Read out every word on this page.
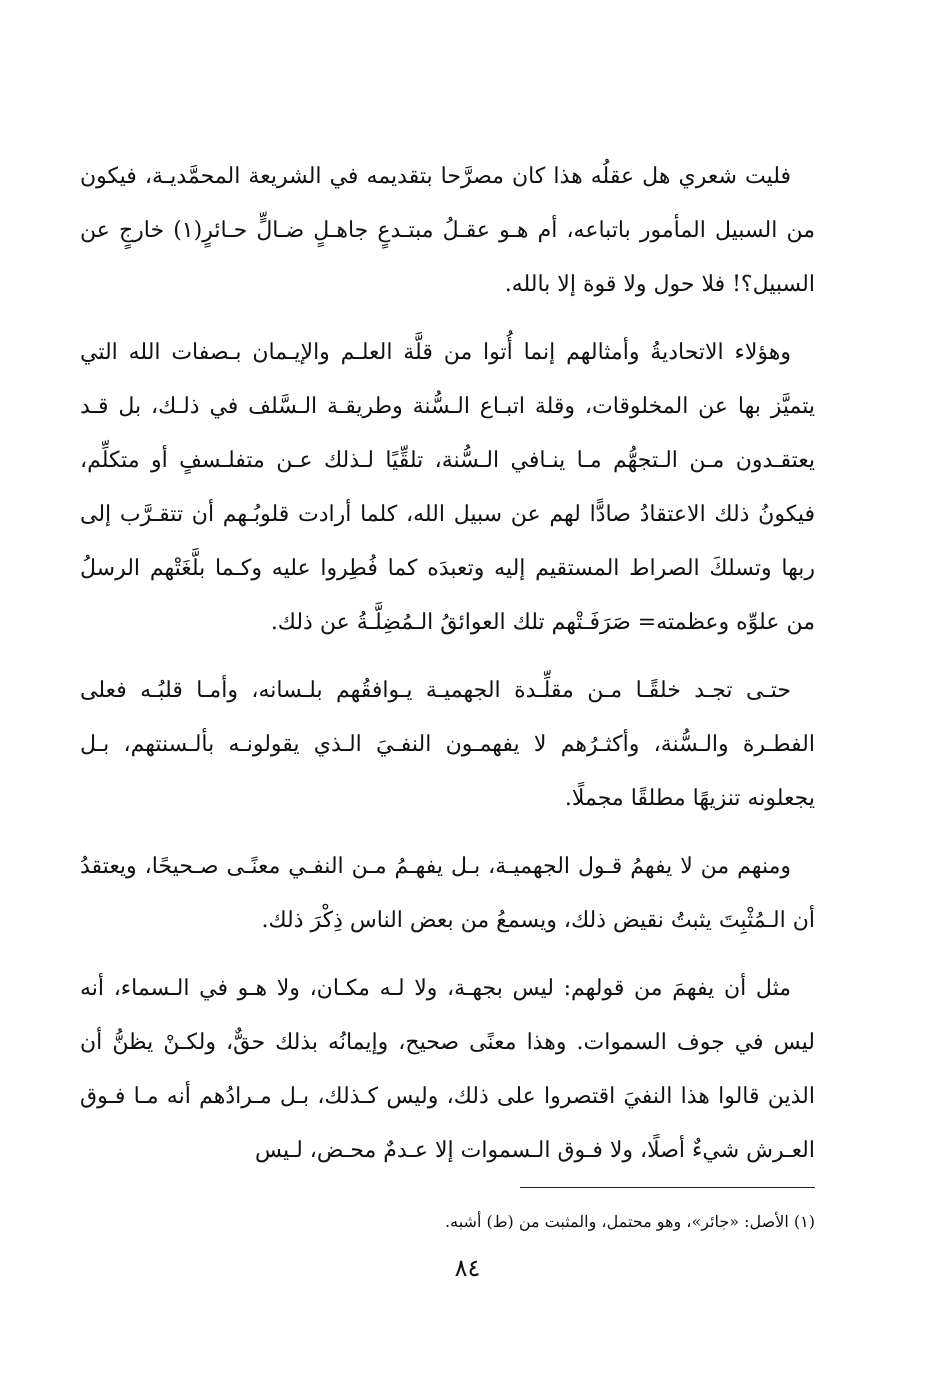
فليت شعري هل عقلُه هذا كان مصرَّحا بتقديمه في الشريعة المحمَّديـة، فيكون من السبيل المأمور باتباعه، أم هـو عقـلُ مبتـدعٍ جاهـلٍ ضـالٍّ حـائرٍ(١) خارجٍ عن السبيل؟! فلا حول ولا قوة إلا بالله.

وهؤلاء الاتحاديةُ وأمثالهم إنما أُتوا من قلَّة العلـم والإيـمان بـصفات الله التي يتميَّز بها عن المخلوقات، وقلة اتبـاع الـسُّنة وطريقـة الـسَّلف في ذلـك، بل قـد يعتقـدون مـن الـتجهُّم مـا ينـافي الـسُّنة، تلقِّيًا لـذلك عـن متفلـسفٍ أو متكلِّم، فيكونُ ذلك الاعتقادُ صادًّا لهم عن سبيل الله، كلما أرادت قلوبُـهم أن تتقـرَّب إلى ربها وتسلكَ الصراط المستقيم إليه وتعبدَه كما فُطِروا عليه وكـما بلَّغَتْهم الرسلُ من علوِّه وعظمته= صَرَفَـتْهم تلك العوائقُ الـمُضِلَّـةُ عن ذلك.

حتـى تجـد خلقًـا مـن مقلِّـدة الجهميـة يـوافقُهم بلـسانه، وأمـا قلبُـه فعلى الفطـرة والـسُّنة، وأكثـرُهم لا يفهمـون النفـيَ الـذي يقولونـه بألـسنتهم، بـل يجعلونه تنزيهًا مطلقًا مجملًا.

ومنهم من لا يفهمُ قـول الجهميـة، بـل يفهـمُ مـن النفـي معنًـى صـحيحًا، ويعتقدُ أن الـمُثْبِتَ يثبتُ نقيض ذلك، ويسمعُ من بعض الناس ذِكْرَ ذلك.

مثل أن يفهمَ من قولهم: ليس بجهـة، ولا لـه مكـان، ولا هـو في الـسماء، أنه ليس في جوف السموات. وهذا معنًى صحيح، وإيمانُه بذلك حقٌّ، ولكـنْ يظنُّ أن الذين قالوا هذا النفيَ اقتصروا على ذلك، وليس كـذلك، بـل مـرادُهم أنه مـا فـوق العـرش شيءٌ أصلًا، ولا فـوق الـسموات إلا عـدمٌ محـض، لـيس

(١) الأصل: «جائر»، وهو محتمل، والمثبت من (ط) أشبه.
٨٤
